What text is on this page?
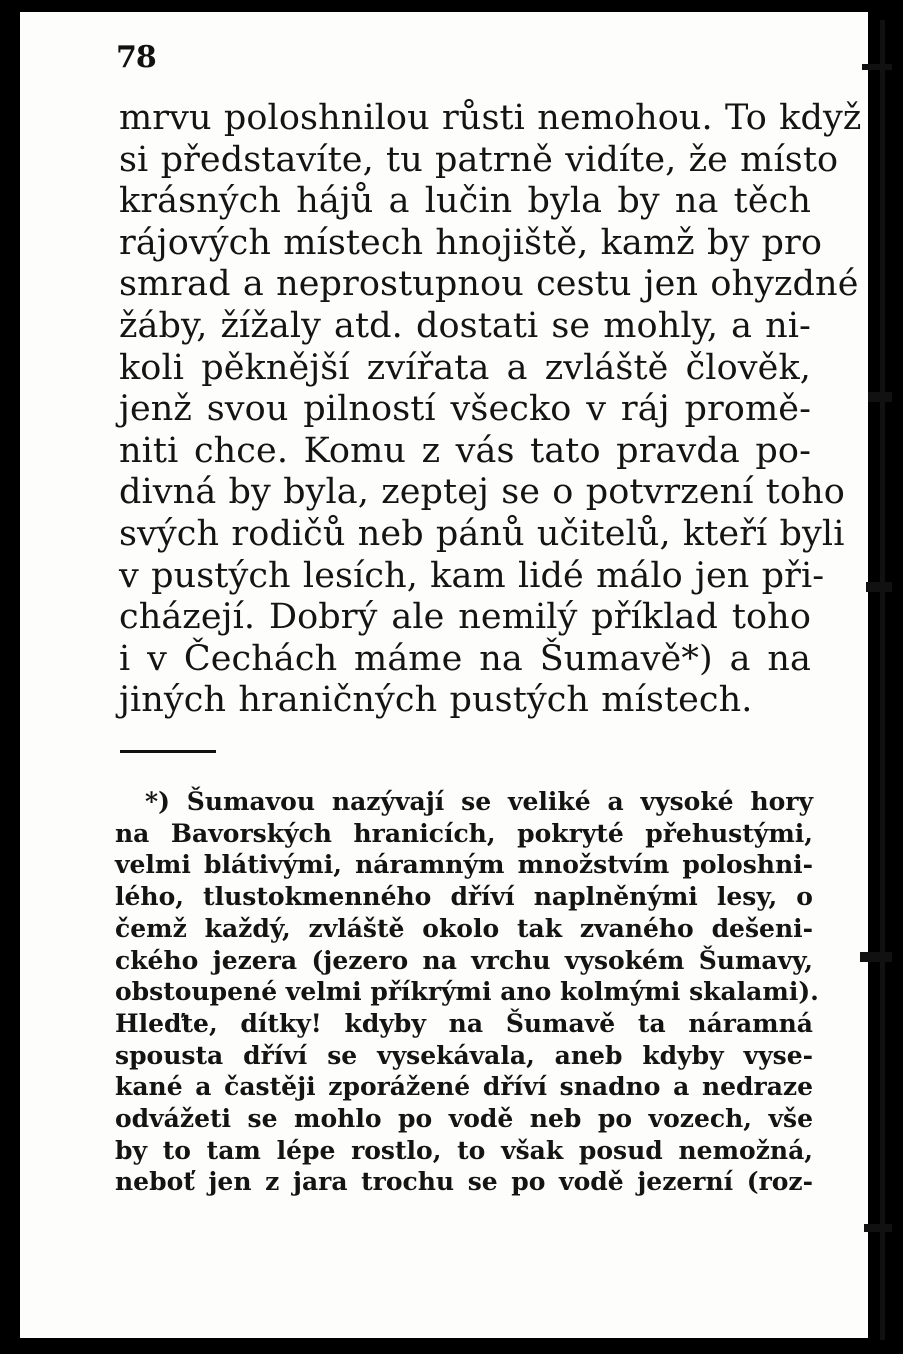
78
mrvu poloshnilou růsti nemohou. To když
si představíte, tu patrně vidíte, že místo
krásných hájů a lučin byla by na těch
rájových místech hnojiště, kamž by pro
smrad a neprostupnou cestu jen ohyzdné
žáby, žížaly atd. dostati se mohly, a ni-
koli pěknější zvířata a zvláště člověk,
jenž svou pilností všecko v ráj promě-
niti chce. Komu z vás tato pravda po-
divná by byla, zeptej se o potvrzení toho
svých rodičů neb pánů učitelů, kteří byli
v pustých lesích, kam lidé málo jen při-
cházejí. Dobrý ale nemilý příklad toho
i v Čechách máme na Šumavě*) a na
jiných hraničných pustých místech.
*) Šumavou nazývají se veliké a vysoké hory
na Bavorských hranicích, pokryté přehustými,
velmi blátivými, náramným množstvím poloshni-
lého, tlustokmenného dříví naplněnými lesy, o
čemž každý, zvláště okolo tak zvaného dešeni-
ckého jezera (jezero na vrchu vysokém Šumavy,
obstoupené velmi příkrými ano kolmými skalami).
Hleďte, dítky! kdyby na Šumavě ta náramná
spousta dříví se vysekávala, aneb kdyby vyse-
kané a častěji zporážené dříví snadno a nedraze
odvážeti se mohlo po vodě neb po vozech, vše
by to tam lépe rostlo, to však posud nemožná,
neboť jen z jara trochu se po vodě jezerní (roz-
